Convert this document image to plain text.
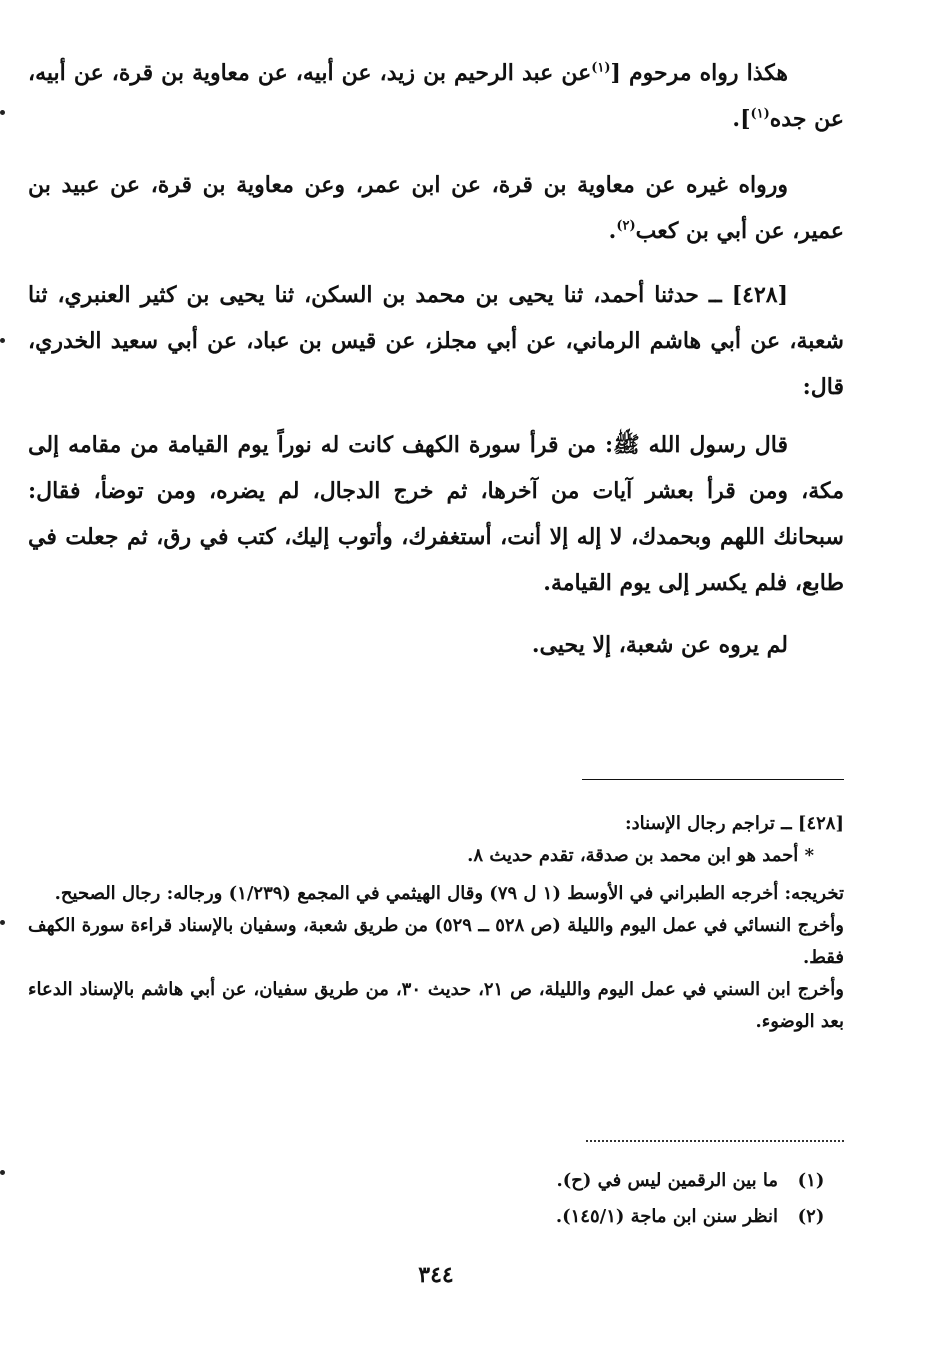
هكذا رواه مرحوم [$^{(١)}$عن عبد الرحيم بن زيد، عن أبيه، عن معاوية بن قرة، عن أبيه، عن جده$^{(١)}$].

ورواه غيره عن معاوية بن قرة، عن ابن عمر، وعن معاوية بن قرة، عن عبيد بن عمير، عن أبي بن كعب$^{(٢)}$.

[٤٢٨] ــ حدثنا أحمد، ثنا يحيى بن محمد بن السكن، ثنا يحيى بن كثير العنبري، ثنا شعبة، عن أبي هاشم الرماني، عن أبي مجلز، عن قيس بن عباد، عن أبي سعيد الخدري، قال:

قال رسول الله ﷺ: من قرأ سورة الكهف كانت له نوراً يوم القيامة من مقامه إلى مكة، ومن قرأ بعشر آيات من آخرها، ثم خرج الدجال، لم يضره، ومن توضأ، فقال: سبحانك اللهم وبحمدك، لا إله إلا أنت، أستغفرك، وأتوب إليك، كتب في رق، ثم جعلت في طابع، فلم يكسر إلى يوم القيامة.

لم يروه عن شعبة، إلا يحيى.

[٤٢٨] ــ تراجم رجال الإسناد:

* أحمد هو ابن محمد بن صدقة، تقدم حديث ٨.

تخريجه: أخرجه الطبراني في الأوسط (١ ل ٧٩) وقال الهيثمي في المجمع (١/٢٣٩) ورجاله: رجال الصحيح.

وأخرج النسائي في عمل اليوم والليلة (ص ٥٢٨ ــ ٥٢٩) من طريق شعبة، وسفيان بالإسناد قراءة سورة الكهف فقط.

وأخرج ابن السني في عمل اليوم والليلة، ص ٢١، حديث ٣٠، من طريق سفيان، عن أبي هاشم بالإسناد الدعاء بعد الوضوء.

(١)
ما بين الرقمين ليس في (ح).
(٢)
انظر سنن ابن ماجة (١٤٥/١).
٣٤٤
